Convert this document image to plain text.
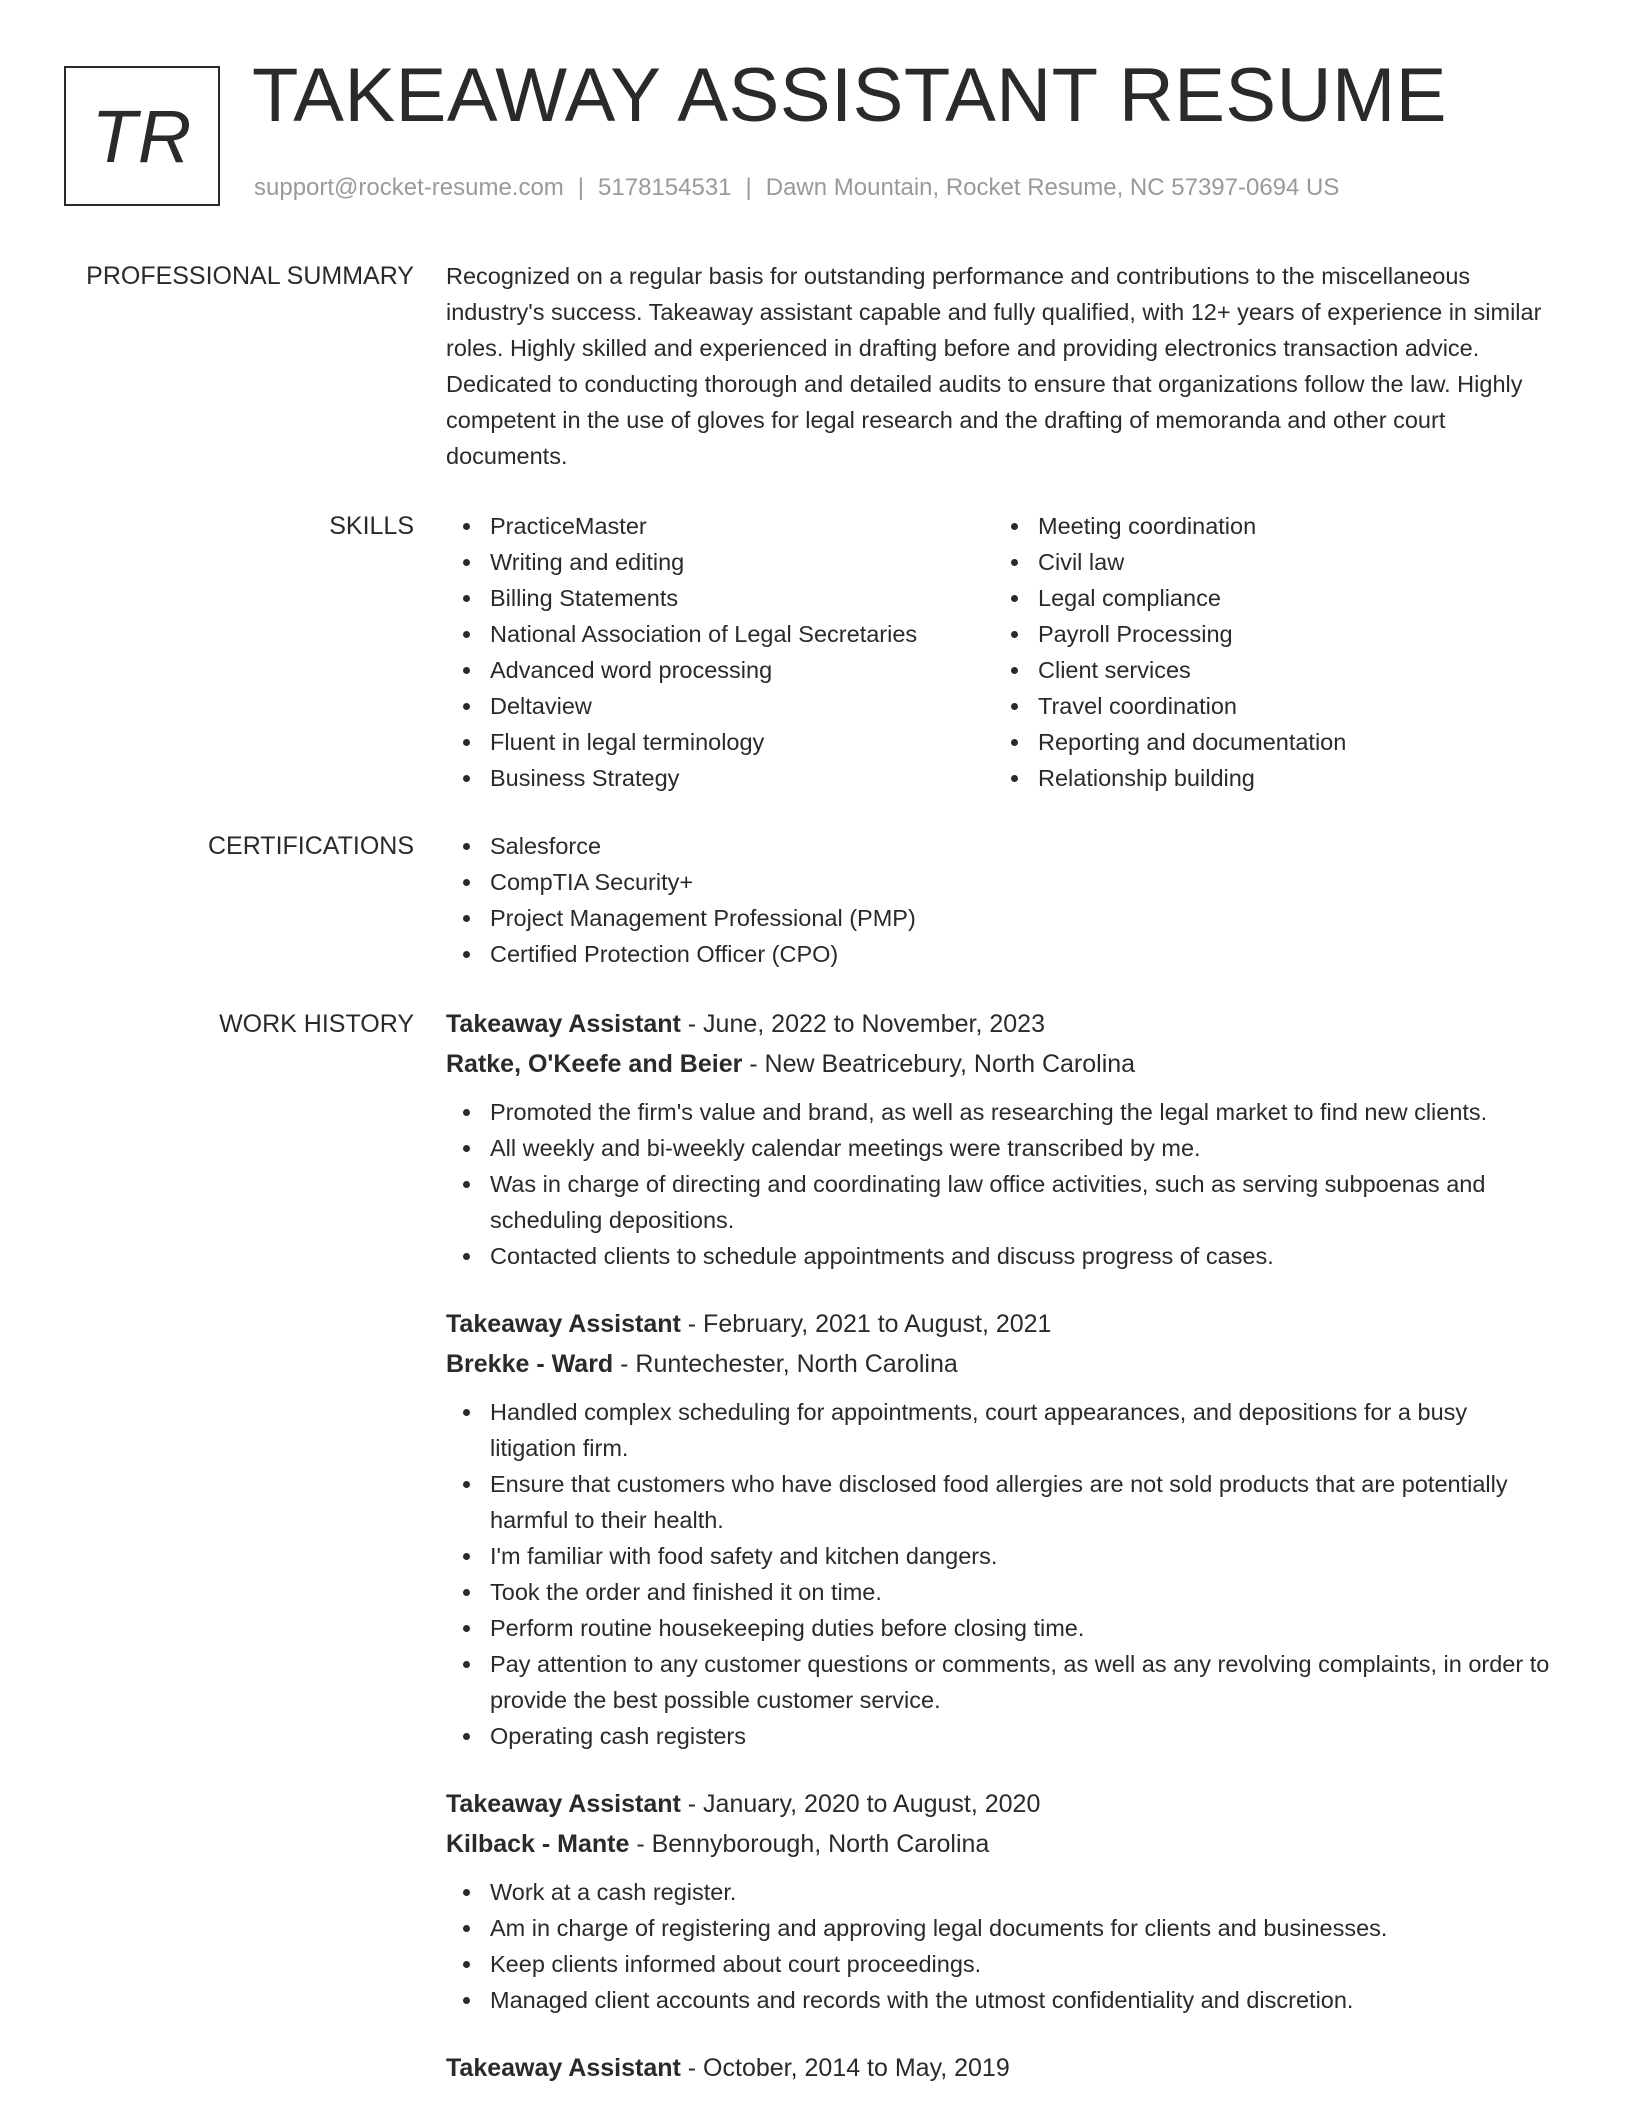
TR TAKEAWAY ASSISTANT RESUME
support@rocket-resume.com | 5178154531 | Dawn Mountain, Rocket Resume, NC 57397-0694 US
PROFESSIONAL SUMMARY Recognized on a regular basis for outstanding performance and contributions to the miscellaneous industry's success. Takeaway assistant capable and fully qualified, with 12+ years of experience in similar roles. Highly skilled and experienced in drafting before and providing electronics transaction advice. Dedicated to conducting thorough and detailed audits to ensure that organizations follow the law. Highly competent in the use of gloves for legal research and the drafting of memoranda and other court documents.

SKILLS	PracticeMaster
Writing and editing
Billing Statements
National Association of Legal Secretaries
Advanced word processing
Deltaview
Fluent in legal terminology
Business Strategy
Meeting coordination
Civil law
Legal compliance
Payroll Processing
Client services
Travel coordination
Reporting and documentation
Relationship building
CERTIFICATIONS	Salesforce
CompTIA Security+
Project Management Professional (PMP)
Certified Protection Officer (CPO)
WORK HISTORY Takeaway Assistant - June, 2022 to November, 2023
Ratke, O'Keefe and Beier - New Beatricebury, North Carolina
Promoted the firm's value and brand, as well as researching the legal market to find new clients.
All weekly and bi-weekly calendar meetings were transcribed by me.
Was in charge of directing and coordinating law office activities, such as serving subpoenas and scheduling depositions.
Contacted clients to schedule appointments and discuss progress of cases.
Takeaway Assistant - February, 2021 to August, 2021
Brekke - Ward - Runtechester, North Carolina
Handled complex scheduling for appointments, court appearances, and depositions for a busy litigation firm.
Ensure that customers who have disclosed food allergies are not sold products that are potentially harmful to their health.
I'm familiar with food safety and kitchen dangers.
Took the order and finished it on time.
Perform routine housekeeping duties before closing time.
Pay attention to any customer questions or comments, as well as any revolving complaints, in order to provide the best possible customer service.
Operating cash registers
Takeaway Assistant - January, 2020 to August, 2020
Kilback - Mante - Bennyborough, North Carolina
Work at a cash register.
Am in charge of registering and approving legal documents for clients and businesses.
Keep clients informed about court proceedings.
Managed client accounts and records with the utmost confidentiality and discretion.
Takeaway Assistant - October, 2014 to May, 2019
